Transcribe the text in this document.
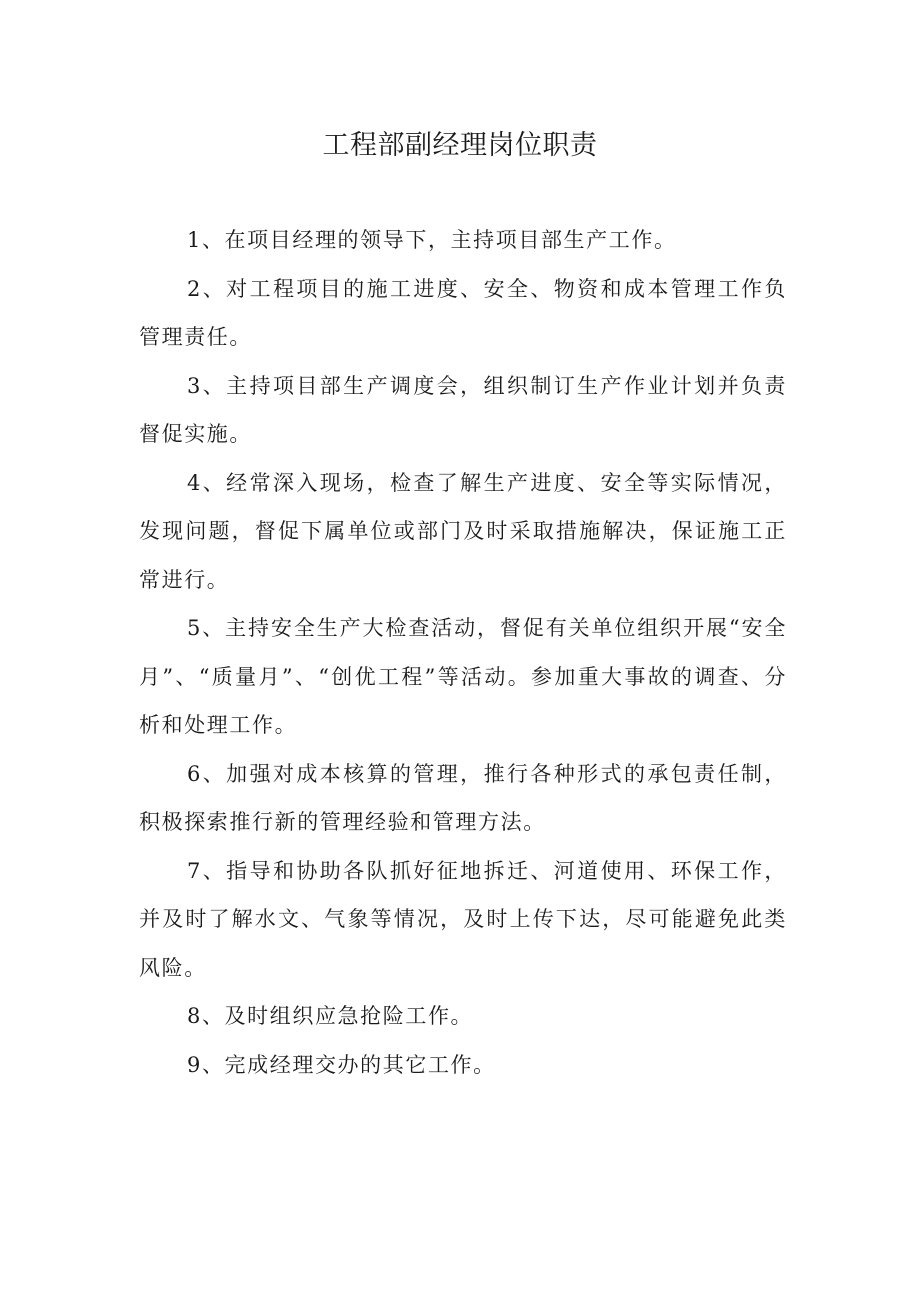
工程部副经理岗位职责

1、在项目经理的领导下，主持项目部生产工作。

2、对工程项目的施工进度、安全、物资和成本管理工作负管理责任。

3、主持项目部生产调度会，组织制订生产作业计划并负责督促实施。

4、经常深入现场，检查了解生产进度、安全等实际情况，发现问题，督促下属单位或部门及时采取措施解决，保证施工正常进行。

5、主持安全生产大检查活动，督促有关单位组织开展“安全月”、“质量月”、“创优工程”等活动。参加重大事故的调查、分析和处理工作。

6、加强对成本核算的管理，推行各种形式的承包责任制，积极探索推行新的管理经验和管理方法。

7、指导和协助各队抓好征地拆迁、河道使用、环保工作，并及时了解水文、气象等情况，及时上传下达，尽可能避免此类风险。

8、及时组织应急抢险工作。

9、完成经理交办的其它工作。
